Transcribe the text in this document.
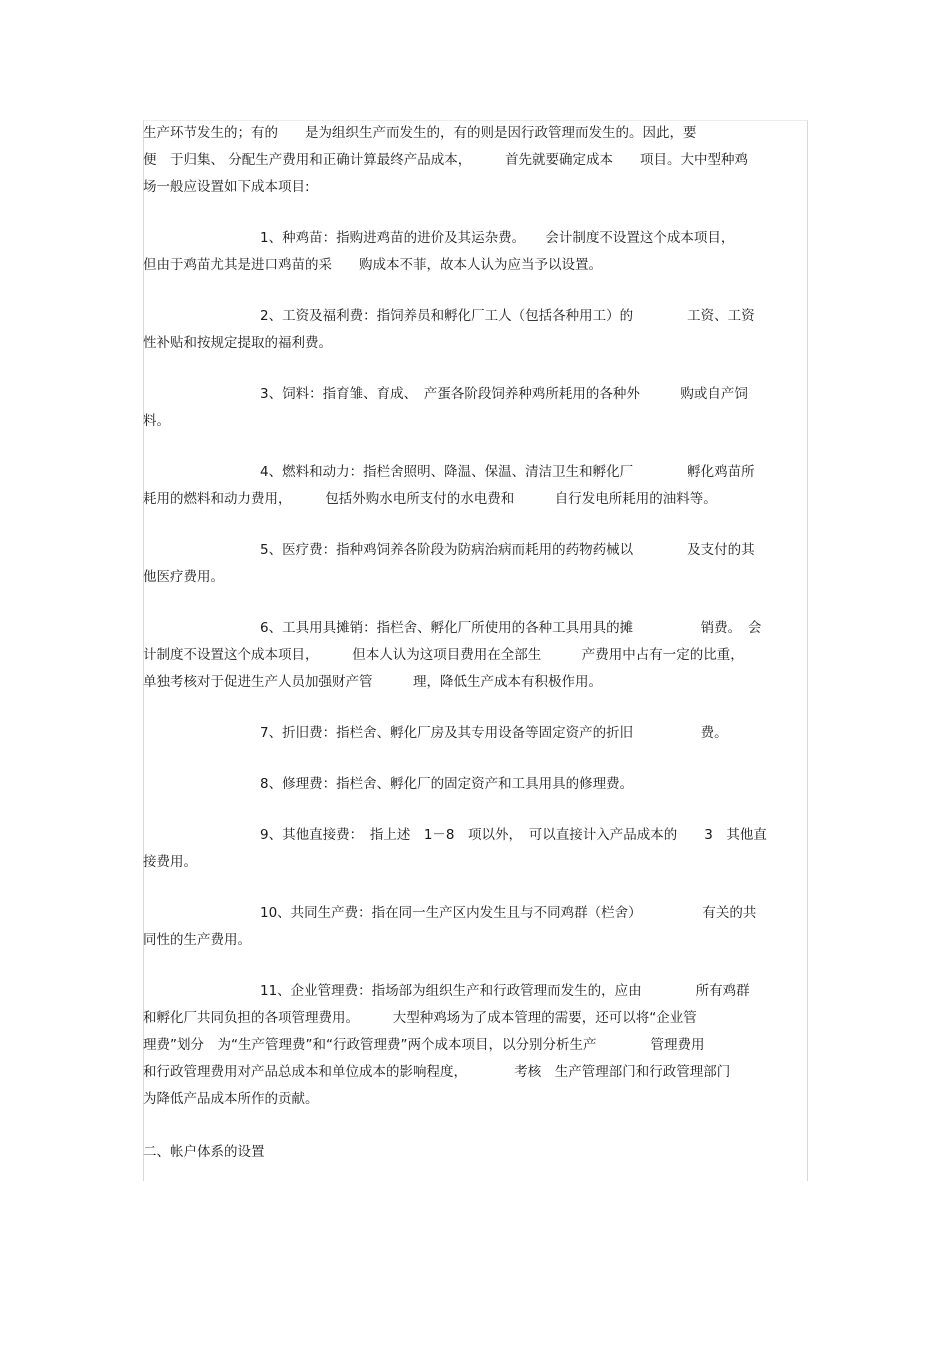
生产环节发生的；有的　　是为组织生产而发生的，有的则是因行政管理而发生的。因此，要

便　于归集、 分配生产费用和正确计算最终产品成本，　　　首先就要确定成本　　项目。大中型种鸡

场一般应设置如下成本项目:

1、种鸡苗：指购进鸡苗的进价及其运杂费。　　会计制度不设置这个成本项目，

但由于鸡苗尤其是进口鸡苗的采　　购成本不菲，故本人认为应当予以设置。

2、工资及福利费：指饲养员和孵化厂工人（包括各种用工）的　　　　工资、工资

性补贴和按规定提取的福利费。

3、饲料：指育雏、育成、　产蛋各阶段饲养种鸡所耗用的各种外　　　购或自产饲

料。

4、燃料和动力：指栏舍照明、降温、保温、清洁卫生和孵化厂　　　　孵化鸡苗所

耗用的燃料和动力费用，　　　包括外购水电所支付的水电费和　　　自行发电所耗用的油料等。

5、医疗费：指种鸡饲养各阶段为防病治病而耗用的药物药械以　　　　及支付的其

他医疗费用。

6、工具用具摊销：指栏舍、孵化厂所使用的各种工具用具的摊　　　　　销费。　会

计制度不设置这个成本项目，　　　但本人认为这项目费用在全部生　　　产费用中占有一定的比重，

单独考核对于促进生产人员加强财产管　　　理，降低生产成本有积极作用。

7、折旧费：指栏舍、孵化厂房及其专用设备等固定资产的折旧　　　　　费。

8、修理费：指栏舍、孵化厂的固定资产和工具用具的修理费。

9、其他直接费：　指上述　1－8　项以外，　可以直接计入产品成本的　　3　其他直

接费用。

10、共同生产费：指在同一生产区内发生且与不同鸡群（栏舍）　　　　　有关的共

同性的生产费用。

11、企业管理费：指场部为组织生产和行政管理而发生的，应由　　　　所有鸡群

和孵化厂共同负担的各项管理费用。　　　大型种鸡场为了成本管理的需要，还可以将“企业管

理费”划分　为“生产管理费”和“行政管理费”两个成本项目，以分别分析生产　　　　管理费用

和行政管理费用对产品总成本和单位成本的影响程度，　　　　考核　生产管理部门和行政管理部门

为降低产品成本所作的贡献。

二、帐户体系的设置
